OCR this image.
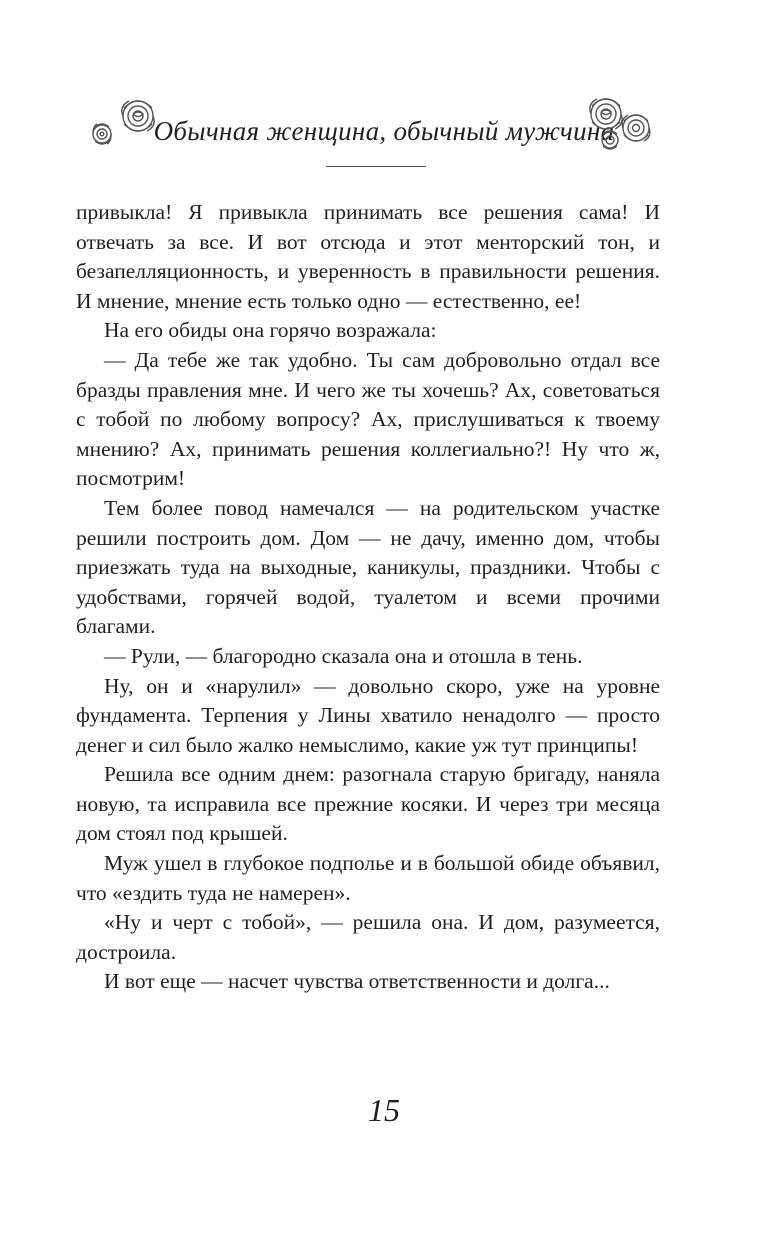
Обычная женщина, обычный мужчина

привыкла! Я привыкла принимать все решения сама! И отвечать за все. И вот отсюда и этот менторский тон, и безапелляционность, и уверенность в правильности решения. И мнение, мнение есть только одно — естественно, ее!

На его обиды она горячо возражала:

— Да тебе же так удобно. Ты сам добровольно отдал все бразды правления мне. И чего же ты хочешь? Ах, советоваться с тобой по любому вопросу? Ах, прислушиваться к твоему мнению? Ах, принимать решения коллегиально?! Ну что ж, посмотрим!

Тем более повод намечался — на родительском участке решили построить дом. Дом — не дачу, именно дом, чтобы приезжать туда на выходные, каникулы, праздники. Чтобы с удобствами, горячей водой, туалетом и всеми прочими благами.

— Рули, — благородно сказала она и отошла в тень.

Ну, он и «нарулил» — довольно скоро, уже на уровне фундамента. Терпения у Лины хватило ненадолго — просто денег и сил было жалко немыслимо, какие уж тут принципы!

Решила все одним днем: разогнала старую бригаду, наняла новую, та исправила все прежние косяки. И через три месяца дом стоял под крышей.

Муж ушел в глубокое подполье и в большой обиде объявил, что «ездить туда не намерен».

«Ну и черт с тобой», — решила она. И дом, разумеется, достроила.

И вот еще — насчет чувства ответственности и долга...

15
